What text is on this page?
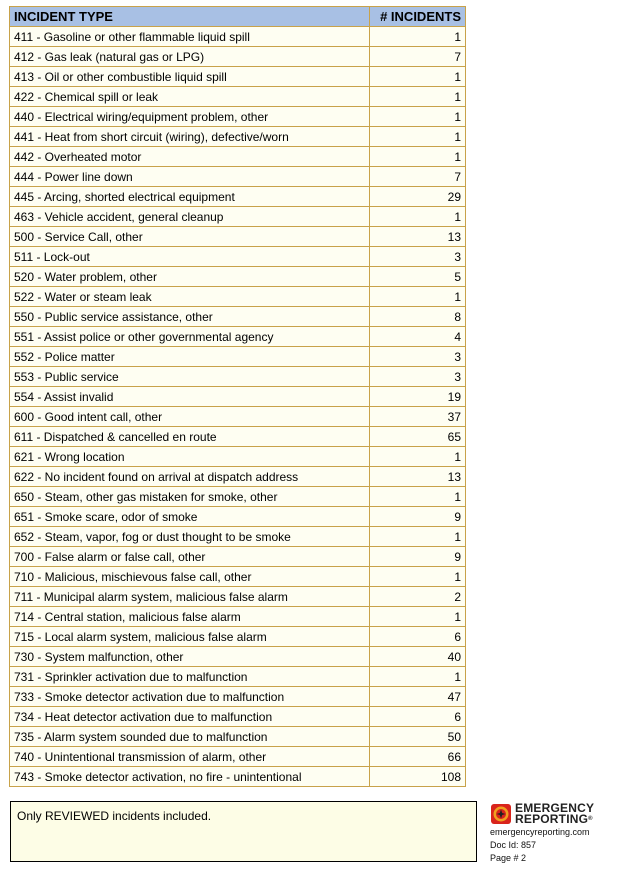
INCIDENT TYPE	# INCIDENTS
411 - Gasoline or other flammable liquid spill	1
412 - Gas leak (natural gas or LPG)	7
413 - Oil or other combustible liquid spill	1
422 - Chemical spill or leak	1
440 - Electrical wiring/equipment problem, other	1
441 - Heat from short circuit (wiring), defective/worn	1
442 - Overheated motor	1
444 - Power line down	7
445 - Arcing, shorted electrical equipment	29
463 - Vehicle accident, general cleanup	1
500 - Service Call, other	13
511 - Lock-out	3
520 - Water problem, other	5
522 - Water or steam leak	1
550 - Public service assistance, other	8
551 - Assist police or other governmental agency	4
552 - Police matter	3
553 - Public service	3
554 - Assist invalid	19
600 - Good intent call, other	37
611 - Dispatched & cancelled en route	65
621 - Wrong location	1
622 - No incident found on arrival at dispatch address	13
650 - Steam, other gas mistaken for smoke, other	1
651 - Smoke scare, odor of smoke	9
652 - Steam, vapor, fog or dust thought to be smoke	1
700 - False alarm or false call, other	9
710 - Malicious, mischievous false call, other	1
711 - Municipal alarm system, malicious false alarm	2
714 - Central station, malicious false alarm	1
715 - Local alarm system, malicious false alarm	6
730 - System malfunction, other	40
731 - Sprinkler activation due to malfunction	1
733 - Smoke detector activation due to malfunction	47
734 - Heat detector activation due to malfunction	6
735 - Alarm system sounded due to malfunction	50
740 - Unintentional transmission of alarm, other	66
743 - Smoke detector activation, no fire - unintentional	108
Only REVIEWED incidents included.
EMERGENCY
REPORTING®
emergencyreporting.com
Doc Id: 857
Page # 2
